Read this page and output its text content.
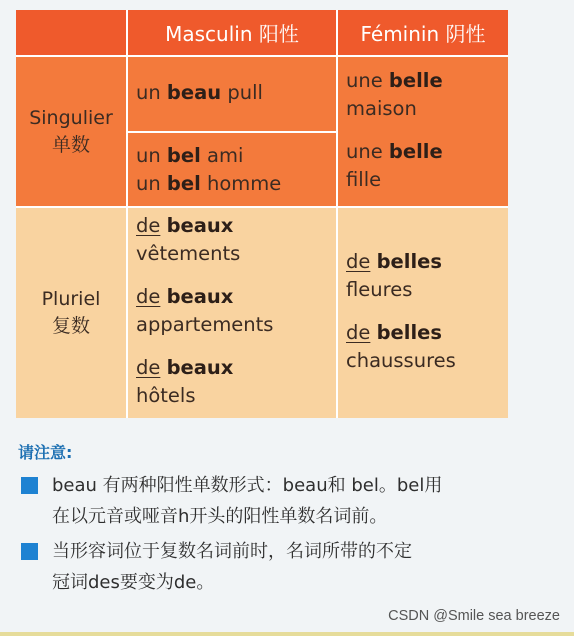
Masculin 阳性	Féminin 阴性
Singulier
单数
un beau pull
un bel ami
un bel homme
une belle
maison
une belle
fille
Pluriel
复数
de beaux
vêtements
de beaux
appartements
de beaux
hôtels
de belles
fleures
de belles
chaussures
请注意:
beau 有两种阳性单数形式：beau和 bel。bel用
在以元音或哑音h开头的阳性单数名词前。
当形容词位于复数名词前时，名词所带的不定
冠词des要变为de。
CSDN @Smile sea breeze
